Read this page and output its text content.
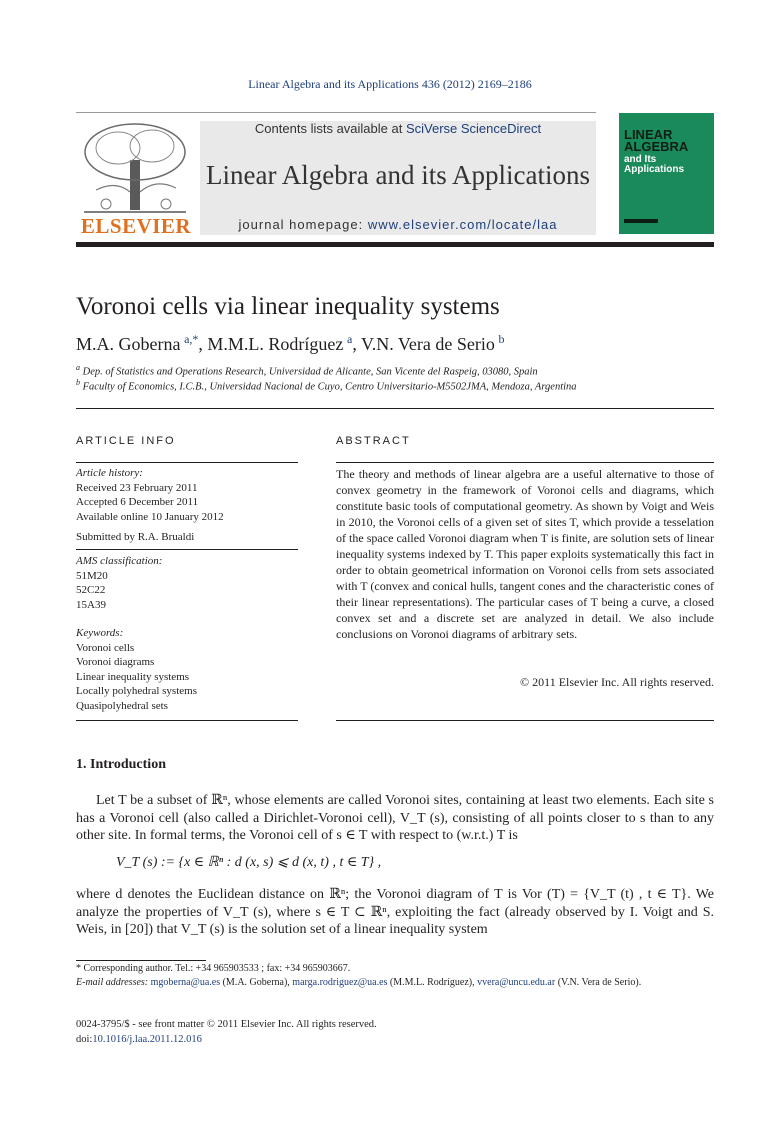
Linear Algebra and its Applications 436 (2012) 2169–2186
ELSEVIER
Contents lists available at SciVerse ScienceDirect
Linear Algebra and its Applications
journal homepage: www.elsevier.com/locate/laa
LINEAR
ALGEBRA
and Its
Applications
Voronoi cells via linear inequality systems
M.A. Goberna  $^{a,*}$, M.M.L. Rodríguez  $^a$, V.N. Vera de Serio  $^b$
$^a$ Dep. of Statistics and Operations Research, Universidad de Alicante, San Vicente del Raspeig, 03080, Spain
$^b$ Faculty of Economics, I.C.B., Universidad Nacional de Cuyo, Centro Universitario-M5502JMA, Mendoza, Argentina
ARTICLE INFO
Article history:
Received 23 February 2011
Accepted 6 December 2011
Available online 10 January 2012
Submitted by R.A. Brualdi
AMS classification:
51M20
52C22
15A39
Keywords:
Voronoi cells
Voronoi diagrams
Linear inequality systems
Locally polyhedral systems
Quasipolyhedral sets
ABSTRACT
The theory and methods of linear algebra are a useful alternative to those of convex geometry in the framework of Voronoi cells and diagrams, which constitute basic tools of computational geometry. As shown by Voigt and Weis in 2010, the Voronoi cells of a given set of sites T, which provide a tesselation of the space called Voronoi diagram when T is finite, are solution sets of linear inequality systems indexed by T. This paper exploits systematically this fact in order to obtain geometrical information on Voronoi cells from sets associated with T (convex and conical hulls, tangent cones and the characteristic cones of their linear representations). The particular cases of T being a curve, a closed convex set and a discrete set are analyzed in detail. We also include conclusions on Voronoi diagrams of arbitrary sets.
© 2011 Elsevier Inc. All rights reserved.
1. Introduction
Let T be a subset of ℝⁿ, whose elements are called Voronoi sites, containing at least two elements. Each site s has a Voronoi cell (also called a Dirichlet-Voronoi cell), V_T (s), consisting of all points closer to s than to any other site. In formal terms, the Voronoi cell of s ∈ T with respect to (w.r.t.) T is
V_T (s) := {x ∈ ℝⁿ : d (x, s) ⩽ d (x, t) , t ∈ T} ,
where d denotes the Euclidean distance on ℝⁿ; the Voronoi diagram of T is Vor (T) = {V_T (t) , t ∈ T}. We analyze the properties of V_T (s), where s ∈ T ⊂ ℝⁿ, exploiting the fact (already observed by I. Voigt and S. Weis, in [20]) that V_T (s) is the solution set of a linear inequality system
* Corresponding author. Tel.: +34 965903533 ; fax: +34 965903667.
E-mail addresses: mgoberna@ua.es (M.A. Goberna), marga.rodriguez@ua.es (M.M.L. Rodríguez), vvera@uncu.edu.ar (V.N. Vera de Serio).
0024-3795/$ - see front matter © 2011 Elsevier Inc. All rights reserved.
doi:10.1016/j.laa.2011.12.016
